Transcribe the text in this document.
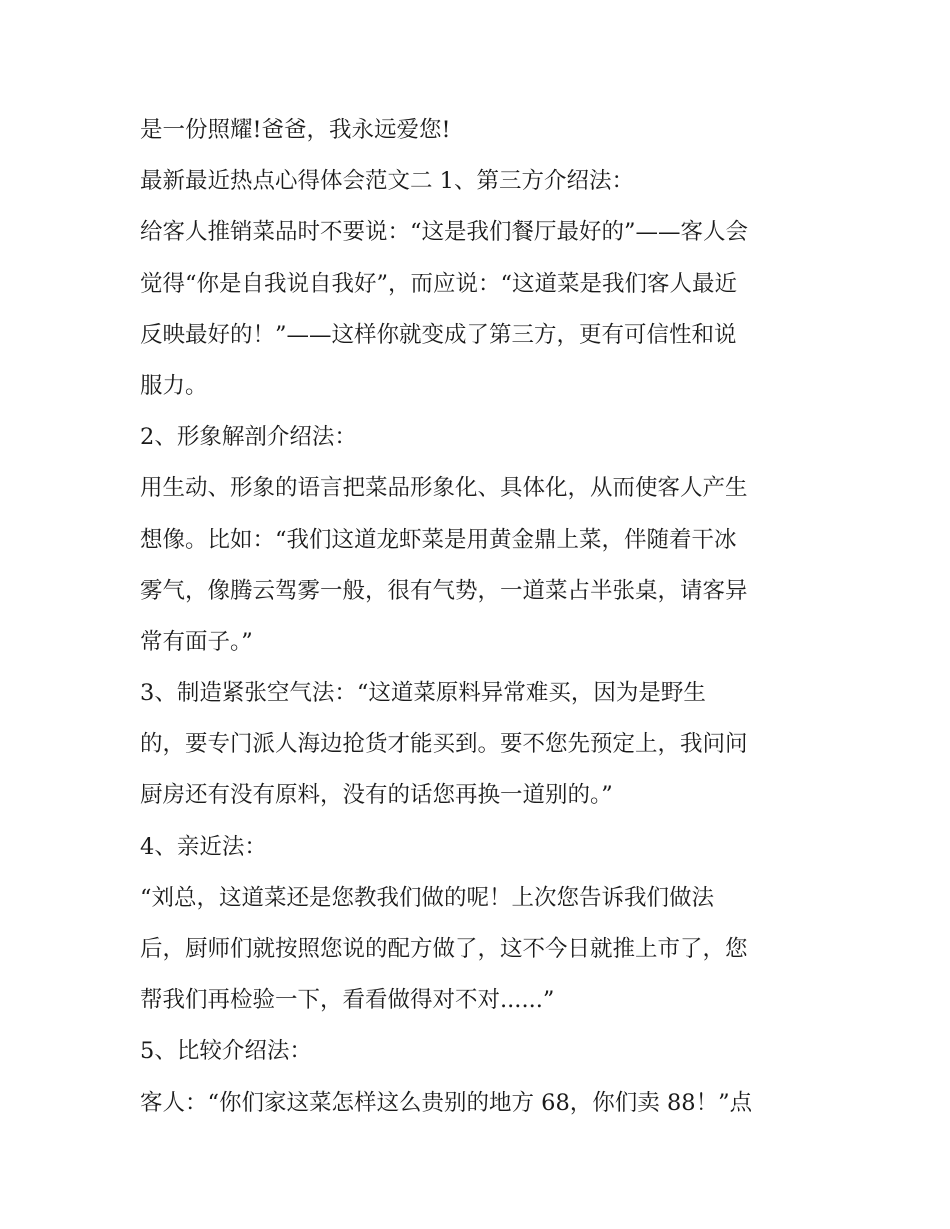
是一份照耀!爸爸，我永远爱您!
最新最近热点心得体会范文二 1、第三方介绍法：
给客人推销菜品时不要说：“这是我们餐厅最好的”——客人会
觉得“你是自我说自我好”，而应说：“这道菜是我们客人最近
反映最好的！”——这样你就变成了第三方，更有可信性和说
服力。
2、形象解剖介绍法：
用生动、形象的语言把菜品形象化、具体化，从而使客人产生
想像。比如：“我们这道龙虾菜是用黄金鼎上菜，伴随着干冰
雾气，像腾云驾雾一般，很有气势，一道菜占半张桌，请客异
常有面子。”
3、制造紧张空气法：“这道菜原料异常难买，因为是野生
的，要专门派人海边抢货才能买到。要不您先预定上，我问问
厨房还有没有原料，没有的话您再换一道别的。”
4、亲近法：
“刘总，这道菜还是您教我们做的呢！上次您告诉我们做法
后，厨师们就按照您说的配方做了，这不今日就推上市了，您
帮我们再检验一下，看看做得对不对......”
5、比较介绍法：
客人：“你们家这菜怎样这么贵别的地方 68，你们卖 88！”点
